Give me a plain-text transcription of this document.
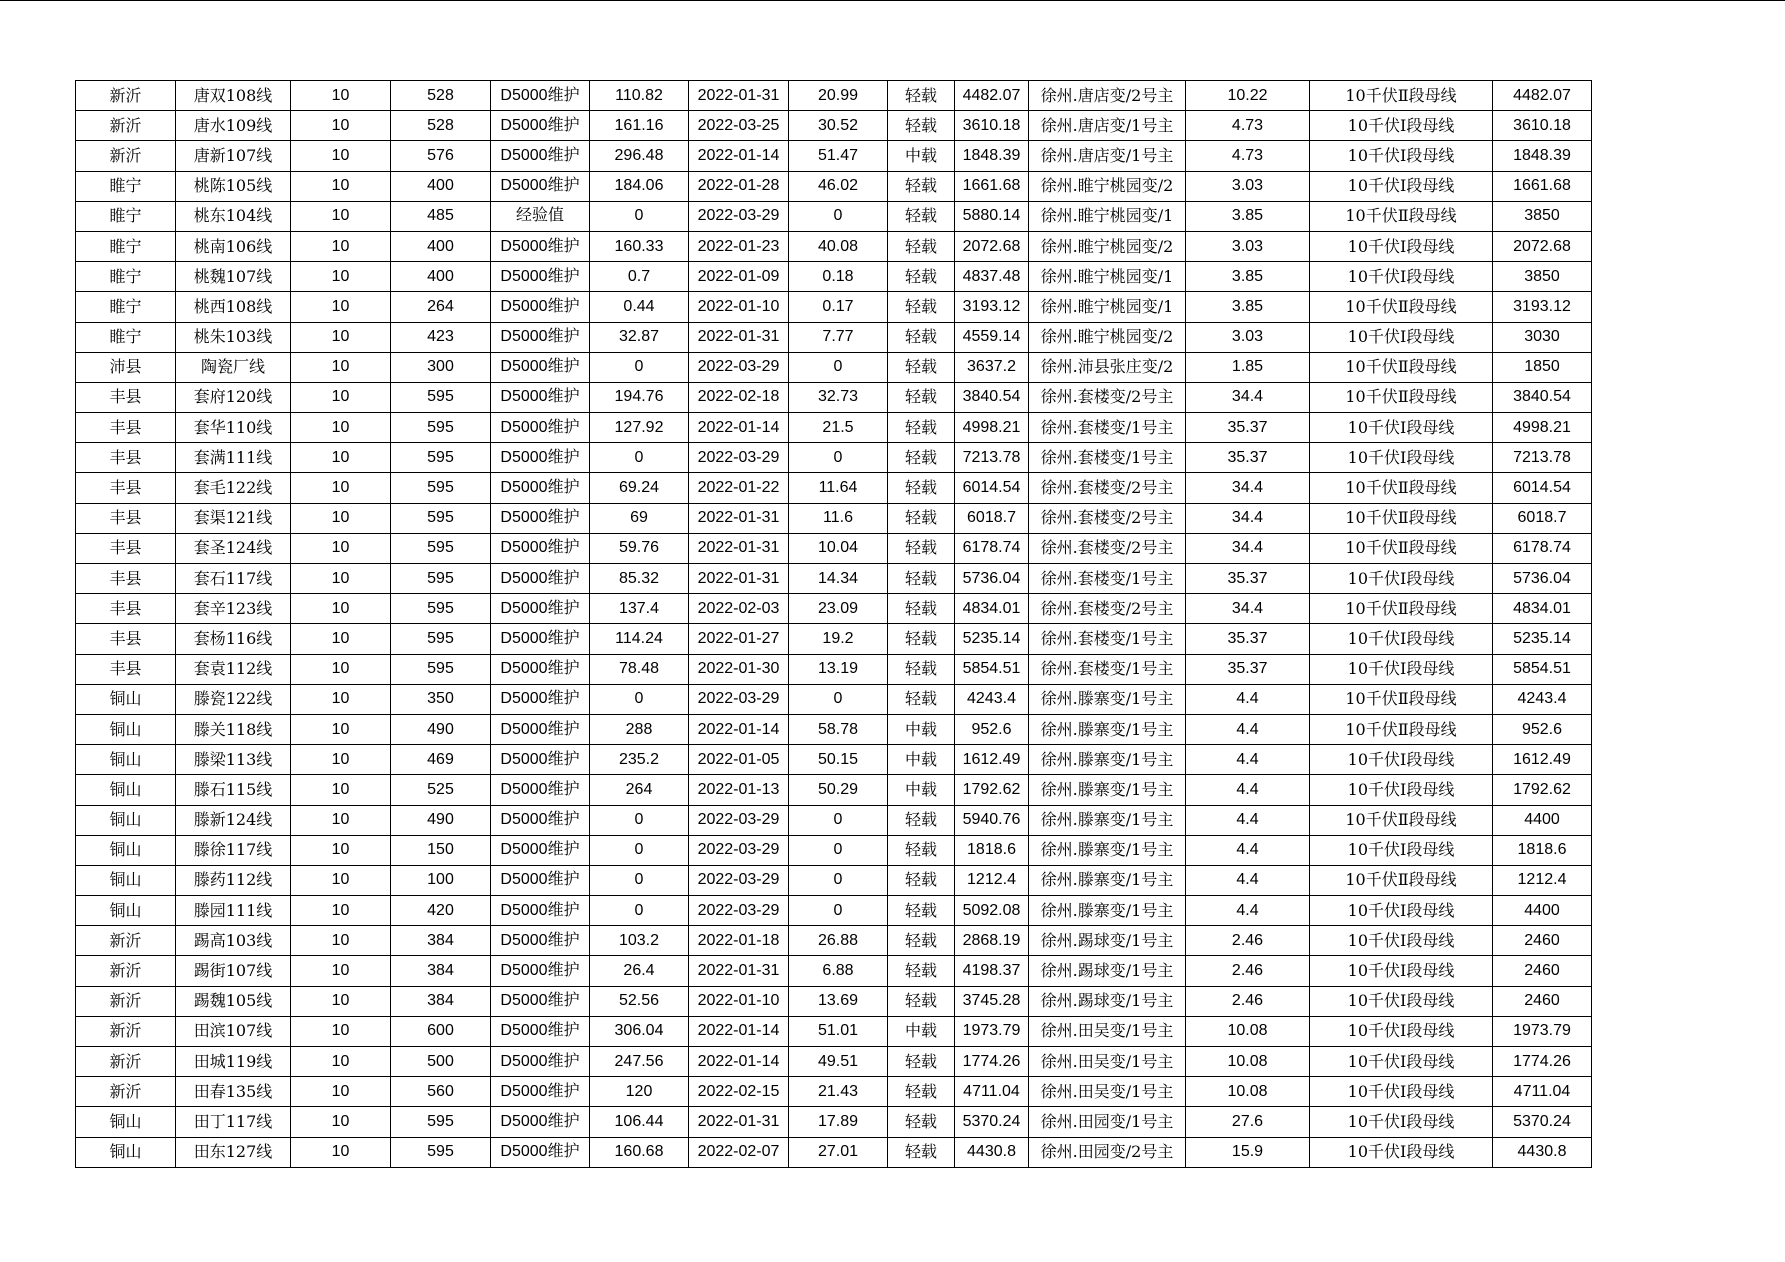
新沂	唐双108线	10	528	D5000维护	110.82	2022-01-31	20.99	轻载	4482.07	徐州.唐店变/2号主	10.22	10千伏Ⅱ段母线	4482.07
新沂	唐水109线	10	528	D5000维护	161.16	2022-03-25	30.52	轻载	3610.18	徐州.唐店变/1号主	4.73	10千伏Ⅰ段母线	3610.18
新沂	唐新107线	10	576	D5000维护	296.48	2022-01-14	51.47	中载	1848.39	徐州.唐店变/1号主	4.73	10千伏Ⅰ段母线	1848.39
睢宁	桃陈105线	10	400	D5000维护	184.06	2022-01-28	46.02	轻载	1661.68	徐州.睢宁桃园变/2	3.03	10千伏Ⅰ段母线	1661.68
睢宁	桃东104线	10	485	经验值	0	2022-03-29	0	轻载	5880.14	徐州.睢宁桃园变/1	3.85	10千伏Ⅱ段母线	3850
睢宁	桃南106线	10	400	D5000维护	160.33	2022-01-23	40.08	轻载	2072.68	徐州.睢宁桃园变/2	3.03	10千伏Ⅰ段母线	2072.68
睢宁	桃魏107线	10	400	D5000维护	0.7	2022-01-09	0.18	轻载	4837.48	徐州.睢宁桃园变/1	3.85	10千伏Ⅰ段母线	3850
睢宁	桃西108线	10	264	D5000维护	0.44	2022-01-10	0.17	轻载	3193.12	徐州.睢宁桃园变/1	3.85	10千伏Ⅱ段母线	3193.12
睢宁	桃朱103线	10	423	D5000维护	32.87	2022-01-31	7.77	轻载	4559.14	徐州.睢宁桃园变/2	3.03	10千伏Ⅰ段母线	3030
沛县	陶瓷厂线	10	300	D5000维护	0	2022-03-29	0	轻载	3637.2	徐州.沛县张庄变/2	1.85	10千伏Ⅱ段母线	1850
丰县	套府120线	10	595	D5000维护	194.76	2022-02-18	32.73	轻载	3840.54	徐州.套楼变/2号主	34.4	10千伏Ⅱ段母线	3840.54
丰县	套华110线	10	595	D5000维护	127.92	2022-01-14	21.5	轻载	4998.21	徐州.套楼变/1号主	35.37	10千伏Ⅰ段母线	4998.21
丰县	套满111线	10	595	D5000维护	0	2022-03-29	0	轻载	7213.78	徐州.套楼变/1号主	35.37	10千伏Ⅰ段母线	7213.78
丰县	套毛122线	10	595	D5000维护	69.24	2022-01-22	11.64	轻载	6014.54	徐州.套楼变/2号主	34.4	10千伏Ⅱ段母线	6014.54
丰县	套渠121线	10	595	D5000维护	69	2022-01-31	11.6	轻载	6018.7	徐州.套楼变/2号主	34.4	10千伏Ⅱ段母线	6018.7
丰县	套圣124线	10	595	D5000维护	59.76	2022-01-31	10.04	轻载	6178.74	徐州.套楼变/2号主	34.4	10千伏Ⅱ段母线	6178.74
丰县	套石117线	10	595	D5000维护	85.32	2022-01-31	14.34	轻载	5736.04	徐州.套楼变/1号主	35.37	10千伏Ⅰ段母线	5736.04
丰县	套辛123线	10	595	D5000维护	137.4	2022-02-03	23.09	轻载	4834.01	徐州.套楼变/2号主	34.4	10千伏Ⅱ段母线	4834.01
丰县	套杨116线	10	595	D5000维护	114.24	2022-01-27	19.2	轻载	5235.14	徐州.套楼变/1号主	35.37	10千伏Ⅰ段母线	5235.14
丰县	套袁112线	10	595	D5000维护	78.48	2022-01-30	13.19	轻载	5854.51	徐州.套楼变/1号主	35.37	10千伏Ⅰ段母线	5854.51
铜山	滕瓷122线	10	350	D5000维护	0	2022-03-29	0	轻载	4243.4	徐州.滕寨变/1号主	4.4	10千伏Ⅱ段母线	4243.4
铜山	滕关118线	10	490	D5000维护	288	2022-01-14	58.78	中载	952.6	徐州.滕寨变/1号主	4.4	10千伏Ⅱ段母线	952.6
铜山	滕梁113线	10	469	D5000维护	235.2	2022-01-05	50.15	中载	1612.49	徐州.滕寨变/1号主	4.4	10千伏Ⅰ段母线	1612.49
铜山	滕石115线	10	525	D5000维护	264	2022-01-13	50.29	中载	1792.62	徐州.滕寨变/1号主	4.4	10千伏Ⅰ段母线	1792.62
铜山	滕新124线	10	490	D5000维护	0	2022-03-29	0	轻载	5940.76	徐州.滕寨变/1号主	4.4	10千伏Ⅱ段母线	4400
铜山	滕徐117线	10	150	D5000维护	0	2022-03-29	0	轻载	1818.6	徐州.滕寨变/1号主	4.4	10千伏Ⅰ段母线	1818.6
铜山	滕药112线	10	100	D5000维护	0	2022-03-29	0	轻载	1212.4	徐州.滕寨变/1号主	4.4	10千伏Ⅱ段母线	1212.4
铜山	滕园111线	10	420	D5000维护	0	2022-03-29	0	轻载	5092.08	徐州.滕寨变/1号主	4.4	10千伏Ⅰ段母线	4400
新沂	踢高103线	10	384	D5000维护	103.2	2022-01-18	26.88	轻载	2868.19	徐州.踢球变/1号主	2.46	10千伏Ⅰ段母线	2460
新沂	踢街107线	10	384	D5000维护	26.4	2022-01-31	6.88	轻载	4198.37	徐州.踢球变/1号主	2.46	10千伏Ⅰ段母线	2460
新沂	踢魏105线	10	384	D5000维护	52.56	2022-01-10	13.69	轻载	3745.28	徐州.踢球变/1号主	2.46	10千伏Ⅰ段母线	2460
新沂	田滨107线	10	600	D5000维护	306.04	2022-01-14	51.01	中载	1973.79	徐州.田吴变/1号主	10.08	10千伏Ⅰ段母线	1973.79
新沂	田城119线	10	500	D5000维护	247.56	2022-01-14	49.51	轻载	1774.26	徐州.田吴变/1号主	10.08	10千伏Ⅰ段母线	1774.26
新沂	田春135线	10	560	D5000维护	120	2022-02-15	21.43	轻载	4711.04	徐州.田吴变/1号主	10.08	10千伏Ⅰ段母线	4711.04
铜山	田丁117线	10	595	D5000维护	106.44	2022-01-31	17.89	轻载	5370.24	徐州.田园变/1号主	27.6	10千伏Ⅰ段母线	5370.24
铜山	田东127线	10	595	D5000维护	160.68	2022-02-07	27.01	轻载	4430.8	徐州.田园变/2号主	15.9	10千伏Ⅰ段母线	4430.8
